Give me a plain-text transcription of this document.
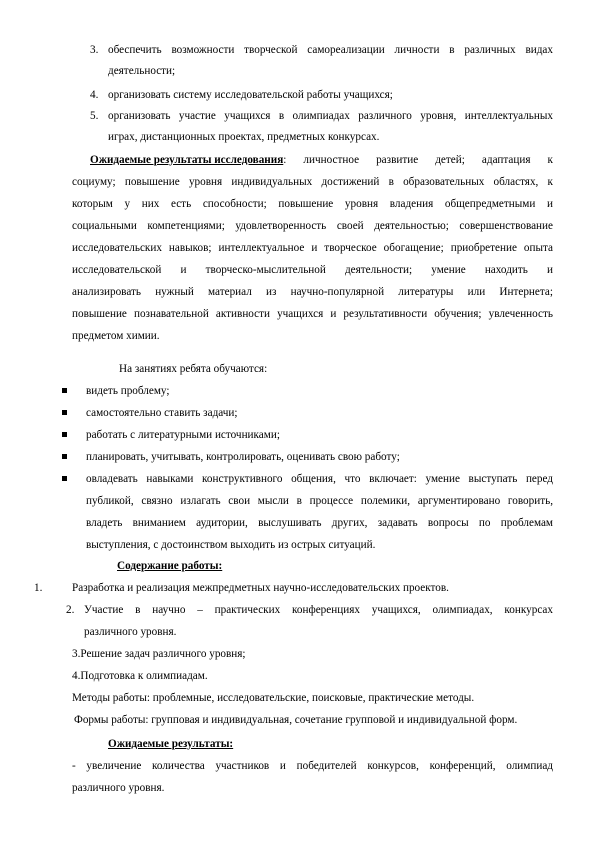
3. обеспечить возможности творческой самореализации личности в различных видах
деятельности;
4. организовать систему исследовательской работы учащихся;
5. организовать участие учащихся в олимпиадах различного уровня, интеллектуальных
играх, дистанционных проектах, предметных конкурсах.
Ожидаемые результаты исследования : личностное развитие детей; адаптация к
социуму; повышение уровня индивидуальных достижений в образовательных областях, к
которым у них есть способности; повышение уровня владения общепредметными и
социальными компетенциями; удовлетворенность своей деятельностью; совершенствование
исследовательских навыков; интеллектуальное и творческое обогащение; приобретение опыта
исследовательской и творческо-мыслительной деятельности; умение находить и
анализировать нужный материал из научно-популярной литературы или Интернета;
повышение познавательной активности учащихся и результативности обучения; увлеченность
предметом химии.
На занятиях ребята обучаются:
видеть проблему;
самостоятельно ставить задачи;
работать с литературными источниками;
планировать, учитывать, контролировать, оценивать свою работу;
овладевать навыками конструктивного общения, что включает: умение выступать перед
публикой, связно излагать свои мысли в процессе полемики, аргументировано говорить,
владеть вниманием аудитории, выслушивать других, задавать вопросы по проблемам
выступления, с достоинством выходить из острых ситуаций.
Содержание работы:
1.	Разработка и реализация межпредметных научно-исследовательских проектов.
2. Участие в научно – практических конференциях учащихся, олимпиадах, конкурсах
различного уровня.
3.Решение задач различного уровня;
4.Подготовка к олимпиадам.
Методы работы: проблемные, исследовательские, поисковые, практические методы.
Формы работы: групповая и индивидуальная, сочетание групповой и индивидуальной форм.
Ожидаемые результаты:
- увеличение количества участников и победителей конкурсов, конференций, олимпиад
различного уровня.
